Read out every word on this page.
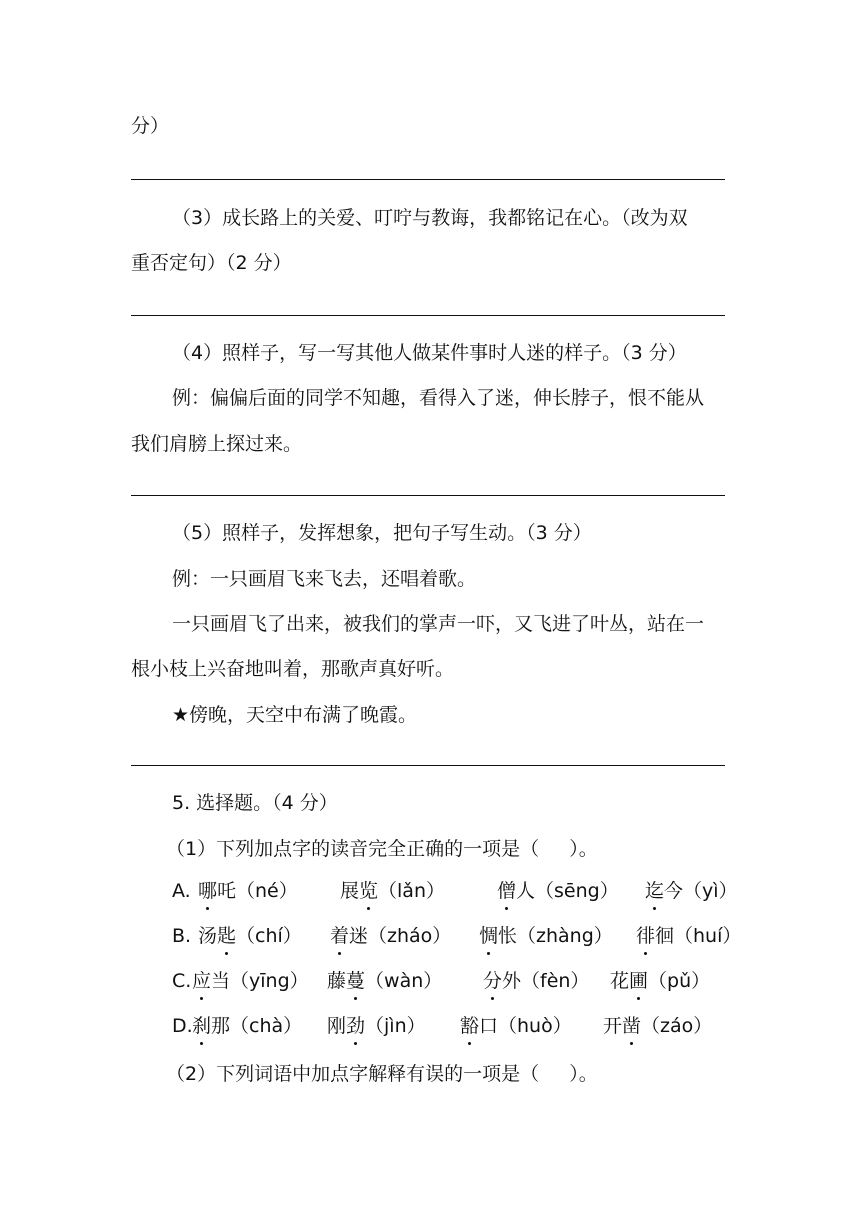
分）
（3）成长路上的关爱、叮咛与教诲，我都铭记在心。（改为双
重否定句）（2 分）
（4）照样子，写一写其他人做某件事时人迷的样子。（3 分）
例：偏偏后面的同学不知趣，看得入了迷，伸长脖子，恨不能从
我们肩膀上探过来。
（5）照样子，发挥想象，把句子写生动。（3 分）
例：一只画眉飞来飞去，还唱着歌。
一只画眉飞了出来，被我们的掌声一吓，又飞进了叶丛，站在一
根小枝上兴奋地叫着，那歌声真好听。
★傍晚，天空中布满了晚霞。
5. 选择题。（4 分）
（1）下列加点字的读音完全正确的一项是（     ）。
A. 哪吒（né） 展览（lǎn）	僧人（sēng） 迄今（yì）
B. 汤匙（chí） 着迷（zháo） 惆怅（zhàng） 徘徊（huí）
C. 应当（yīng） 藤蔓（wàn） 分外（fèn） 花圃（pǔ）
D. 刹那（chà） 刚劲（jìn） 豁口（huò） 开凿（záo）
（2）下列词语中加点字解释有误的一项是（     ）。
